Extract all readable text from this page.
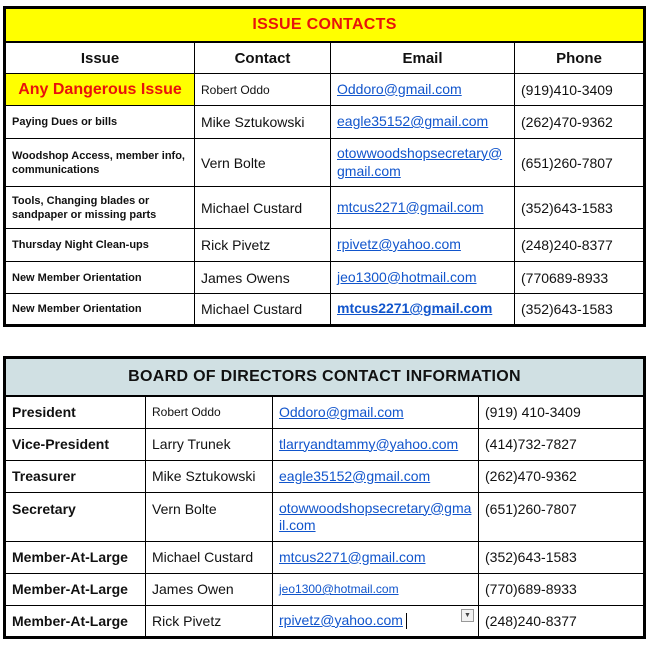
ISSUE CONTACTS			
Issue	Contact	Email	Phone
Any Dangerous Issue	Robert Oddo	Oddoro@gmail.com	(919)410-3409
Paying Dues or bills	Mike Sztukowski	eagle35152@gmail.com	(262)470-9362
Woodshop Access, member info, communications	Vern Bolte	otowwoodshopsecretary@gmail.com	(651)260-7807
Tools, Changing blades or sandpaper or missing parts	Michael Custard	mtcus2271@gmail.com	(352)643-1583
Thursday Night Clean-ups	Rick Pivetz	rpivetz@yahoo.com	(248)240-8377
New Member Orientation	James Owens	jeo1300@hotmail.com	(770689-8933
New Member Orientation	Michael Custard	mtcus2271@gmail.com	(352)643-1583
BOARD OF DIRECTORS CONTACT INFORMATION			
President	Robert Oddo	Oddoro@gmail.com	(919) 410-3409
Vice-President	Larry Trunek	tlarryandtammy@yahoo.com	(414)732-7827
Treasurer	Mike Sztukowski	eagle35152@gmail.com	(262)470-9362
Secretary	Vern Bolte	otowwoodshopsecretary@gmail.com	(651)260-7807
Member-At-Large	Michael Custard	mtcus2271@gmail.com	(352)643-1583
Member-At-Large	James Owen	jeo1300@hotmail.com	(770)689-8933
Member-At-Large	Rick Pivetz	rpivetz@yahoo.com ▼	(248)240-8377
